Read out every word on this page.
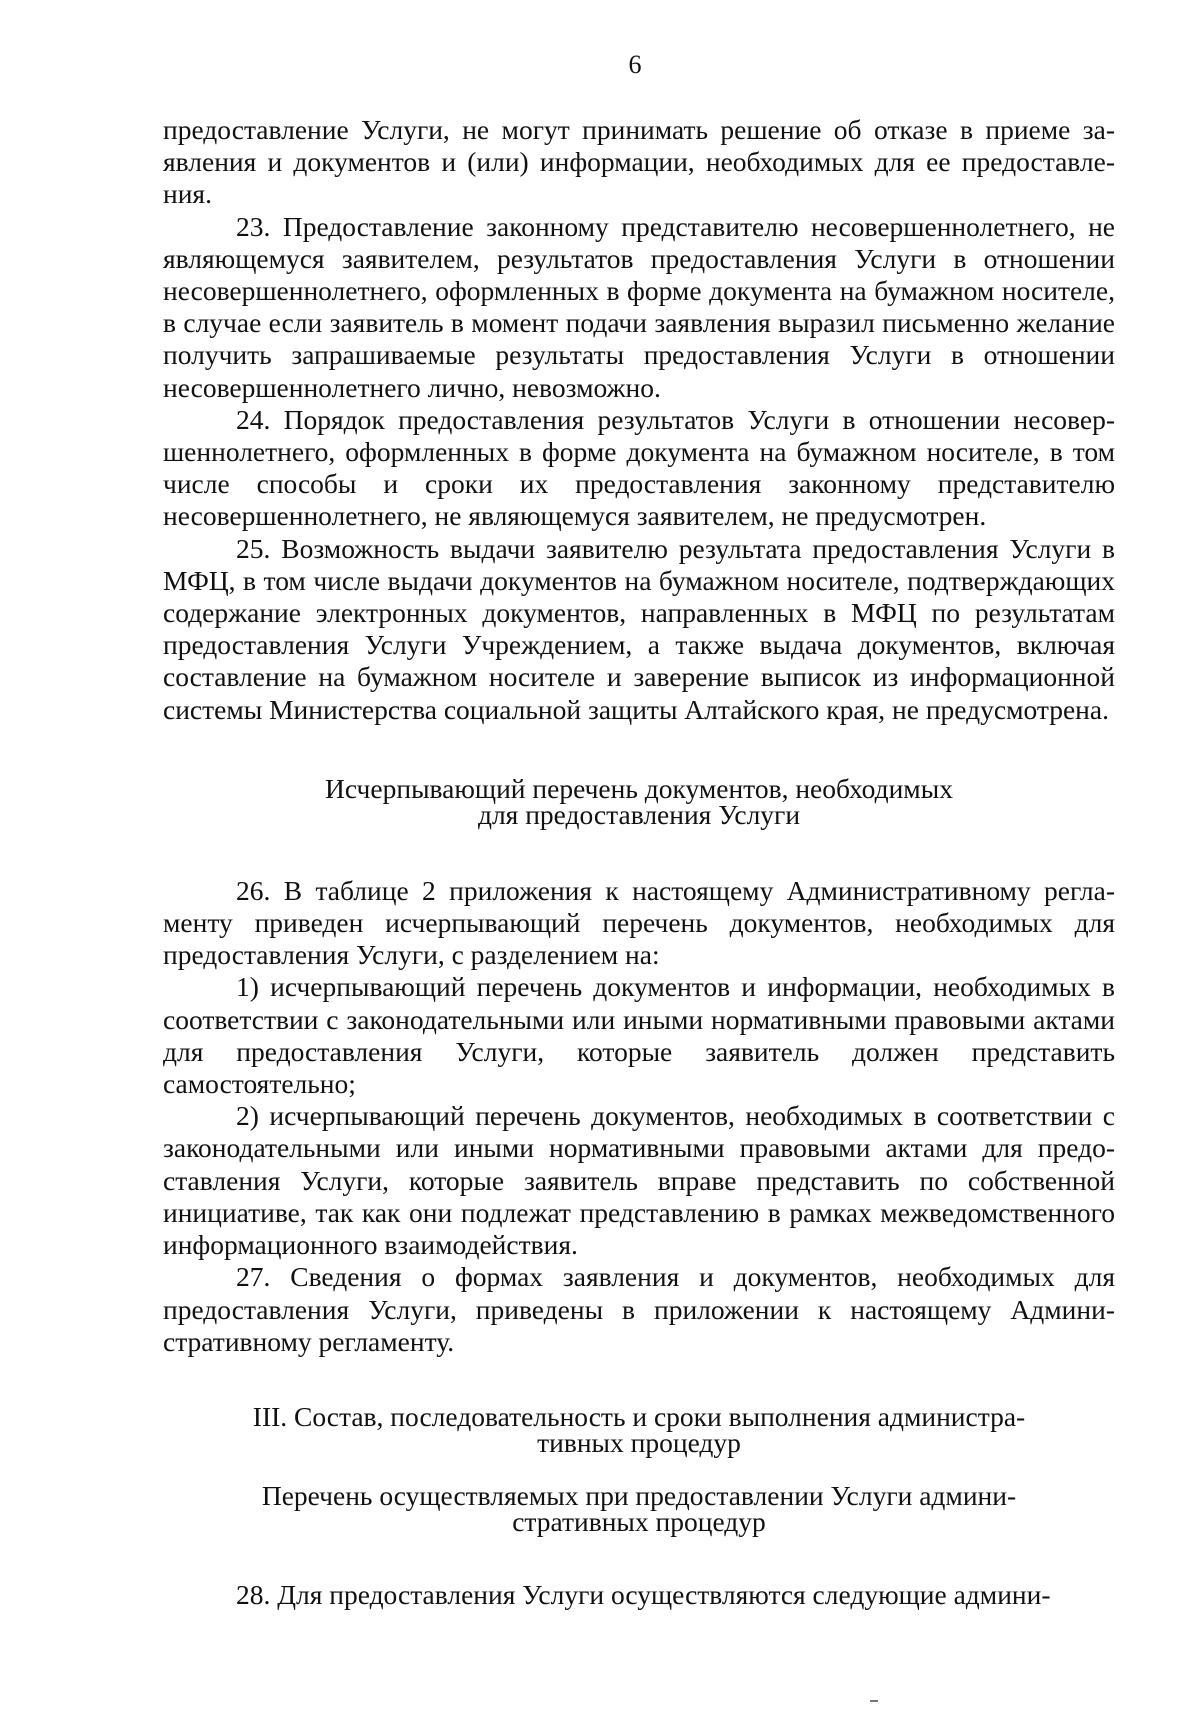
6

предоставление Услуги, не могут принимать решение об отказе в приеме заявления и документов и (или) информации, необходимых для ее предоставления.

23. Предоставление законному представителю несовершеннолетнего, не являющемуся заявителем, результатов предоставления Услуги в отношении несовершеннолетнего, оформленных в форме документа на бумажном носителе, в случае если заявитель в момент подачи заявления выразил письменно желание получить запрашиваемые результаты предоставления Услуги в отношении несовершеннолетнего лично, невозможно.

24. Порядок предоставления результатов Услуги в отношении несовершеннолетнего, оформленных в форме документа на бумажном носителе, в том числе способы и сроки их предоставления законному представителю несовершеннолетнего, не являющемуся заявителем, не предусмотрен.

25. Возможность выдачи заявителю результата предоставления Услуги в МФЦ, в том числе выдачи документов на бумажном носителе, подтверждающих содержание электронных документов, направленных в МФЦ по результатам предоставления Услуги Учреждением, а также выдача документов, включая составление на бумажном носителе и заверение выписок из информационной системы Министерства социальной защиты Алтайского края, не предусмотрена.

Исчерпывающий перечень документов, необходимых
для предоставления Услуги

26. В таблице 2 приложения к настоящему Административному регламенту приведен исчерпывающий перечень документов, необходимых для предоставления Услуги, с разделением на:

1) исчерпывающий перечень документов и информации, необходимых в соответствии с законодательными или иными нормативными правовыми актами для предоставления Услуги, которые заявитель должен представить самостоятельно;

2) исчерпывающий перечень документов, необходимых в соответствии с законодательными или иными нормативными правовыми актами для предоставления Услуги, которые заявитель вправе представить по собственной инициативе, так как они подлежат представлению в рамках межведомственного информационного взаимодействия.

27. Сведения о формах заявления и документов, необходимых для предоставления Услуги, приведены в приложении к настоящему Административному регламенту.

III. Состав, последовательность и сроки выполнения администра-
тивных процедур
Перечень осуществляемых при предоставлении Услуги админи-
стративных процедур

28. Для предоставления Услуги осуществляются следующие админи-
